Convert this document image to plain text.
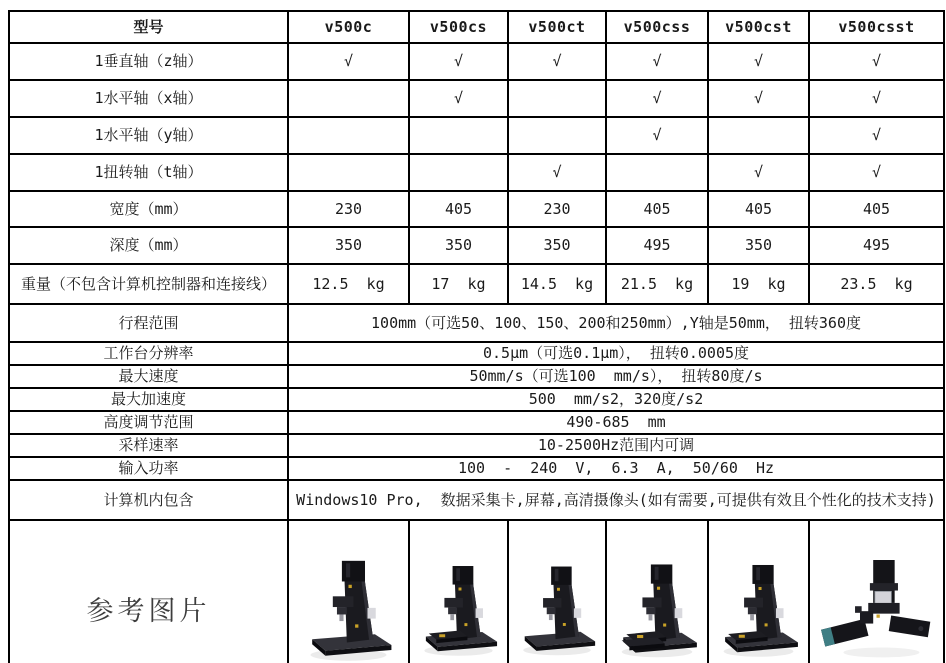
型号	v500c	v500cs	v500ct	v500css	v500cst	v500csst
1垂直轴（z轴）	√	√	√	√	√	√
1水平轴（x轴）		√		√	√	√
1水平轴（y轴）				√		√
1扭转轴（t轴）			√		√	√
宽度（mm）	230	405	230	405	405	405
深度（mm）	350	350	350	495	350	495
重量（不包含计算机控制器和连接线）	12.5  kg	17  kg	14.5  kg	21.5  kg	19  kg	23.5  kg
行程范围	100mm（可选50、100、150、200和250mm）,Y轴是50mm， 扭转360度					
工作台分辨率	0.5μm（可选0.1μm）， 扭转0.0005度					
最大速度	50mm/s（可选100  mm/s）， 扭转80度/s					
最大加速度	500  mm/s2，320度/s2					
高度调节范围	490-685  mm					
采样速率	10-2500Hz范围内可调					
输入功率	100  -  240  V,  6.3  A,  50/60  Hz					
计算机内包含	Windows10 Pro,  数据采集卡,屏幕,高清摄像头(如有需要,可提供有效且个性化的技术支持)					
参考图片	
